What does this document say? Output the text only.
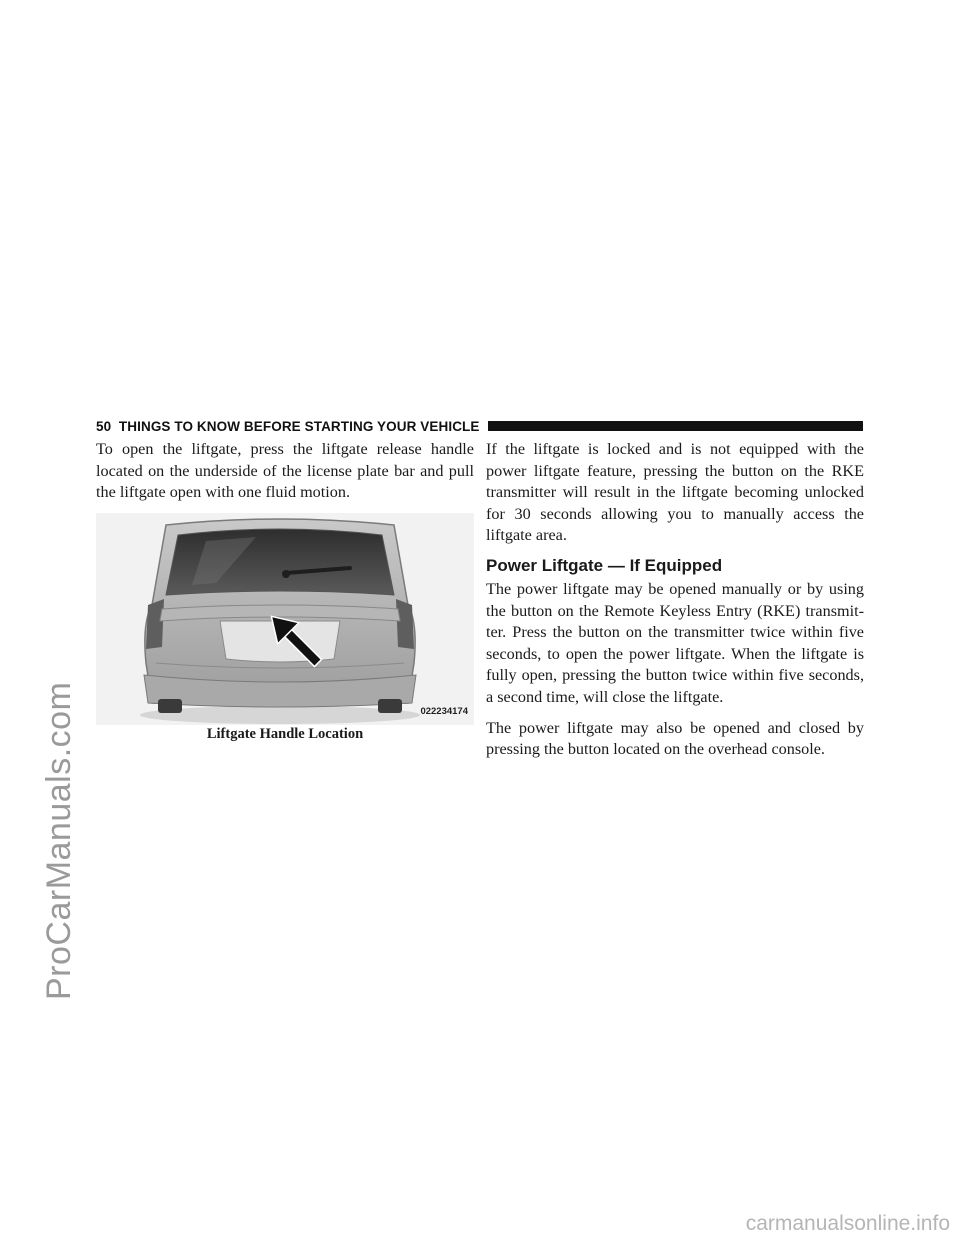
ProCarManuals.com
50 THINGS TO KNOW BEFORE STARTING YOUR VEHICLE

To open the liftgate, press the liftgate release handle located on the underside of the license plate bar and pull the liftgate open with one fluid motion.

022234174
Liftgate Handle Location

If the liftgate is locked and is not equipped with the power liftgate feature, pressing the button on the RKE transmitter will result in the liftgate becoming unlocked for 30 seconds allowing you to manually access the liftgate area.

Power Liftgate — If Equipped

The power liftgate may be opened manually or by using the button on the Remote Keyless Entry (RKE) transmit-ter. Press the button on the transmitter twice within five seconds, to open the power liftgate. When the liftgate is fully open, pressing the button twice within five seconds, a second time, will close the liftgate.

The power liftgate may also be opened and closed by pressing the button located on the overhead console.

carmanualsonline.info
